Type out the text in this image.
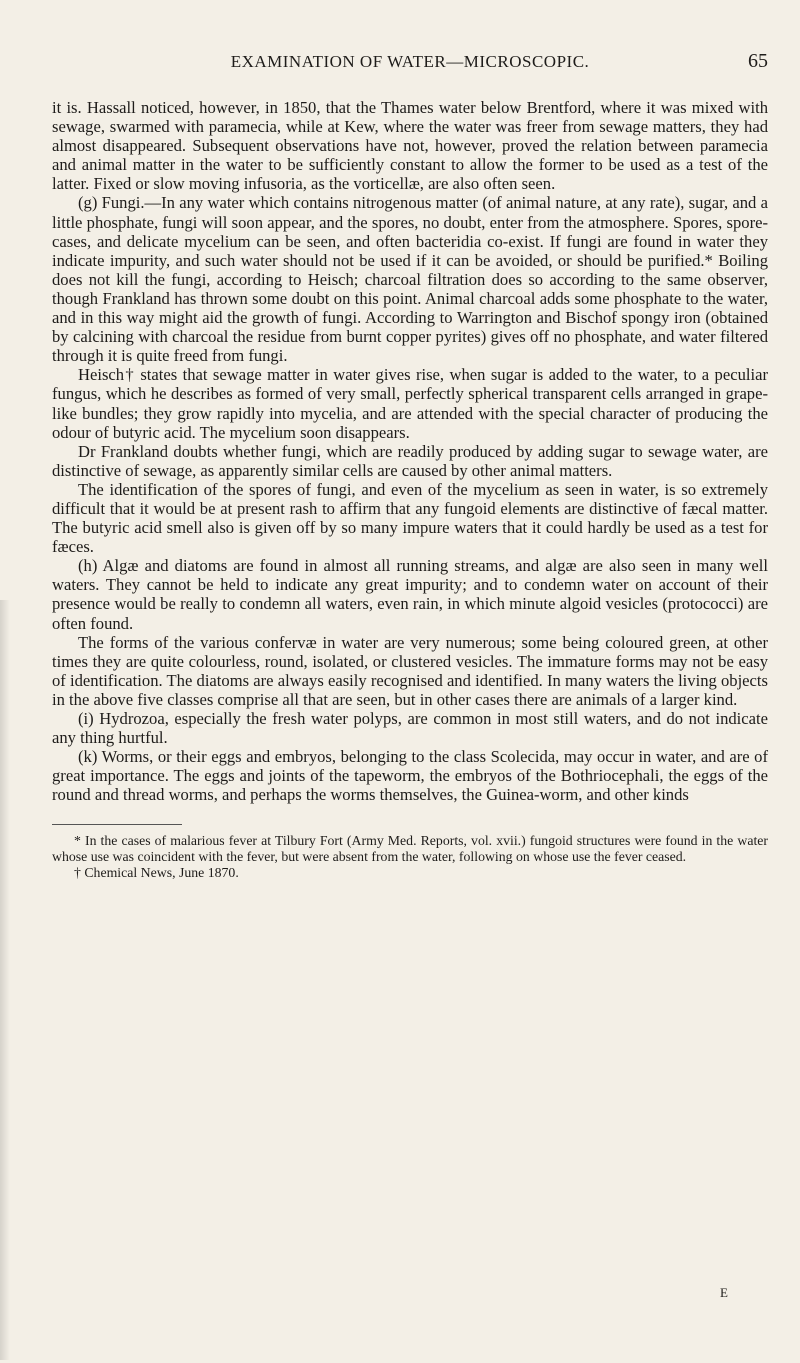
EXAMINATION OF WATER—MICROSCOPIC.	65

it is. Hassall noticed, however, in 1850, that the Thames water below Brentford, where it was mixed with sewage, swarmed with paramecia, while at Kew, where the water was freer from sewage matters, they had almost disappeared. Subsequent observations have not, however, proved the relation between paramecia and animal matter in the water to be sufficiently constant to allow the former to be used as a test of the latter. Fixed or slow moving infusoria, as the vorticellæ, are also often seen.

(g) Fungi.—In any water which contains nitrogenous matter (of animal nature, at any rate), sugar, and a little phosphate, fungi will soon appear, and the spores, no doubt, enter from the atmosphere. Spores, spore-cases, and delicate mycelium can be seen, and often bacteridia co-exist. If fungi are found in water they indicate impurity, and such water should not be used if it can be avoided, or should be purified.* Boiling does not kill the fungi, according to Heisch; charcoal filtration does so according to the same observer, though Frankland has thrown some doubt on this point. Animal charcoal adds some phosphate to the water, and in this way might aid the growth of fungi. According to Warrington and Bischof spongy iron (obtained by calcining with charcoal the residue from burnt copper pyrites) gives off no phosphate, and water filtered through it is quite freed from fungi.

Heisch† states that sewage matter in water gives rise, when sugar is added to the water, to a peculiar fungus, which he describes as formed of very small, perfectly spherical transparent cells arranged in grape-like bundles; they grow rapidly into mycelia, and are attended with the special character of producing the odour of butyric acid. The mycelium soon disappears.

Dr Frankland doubts whether fungi, which are readily produced by adding sugar to sewage water, are distinctive of sewage, as apparently similar cells are caused by other animal matters.

The identification of the spores of fungi, and even of the mycelium as seen in water, is so extremely difficult that it would be at present rash to affirm that any fungoid elements are distinctive of fæcal matter. The butyric acid smell also is given off by so many impure waters that it could hardly be used as a test for fæces.

(h) Algæ and diatoms are found in almost all running streams, and algæ are also seen in many well waters. They cannot be held to indicate any great impurity; and to condemn water on account of their presence would be really to condemn all waters, even rain, in which minute algoid vesicles (protococci) are often found.

The forms of the various confervæ in water are very numerous; some being coloured green, at other times they are quite colourless, round, isolated, or clustered vesicles. The immature forms may not be easy of identification. The diatoms are always easily recognised and identified. In many waters the living objects in the above five classes comprise all that are seen, but in other cases there are animals of a larger kind.

(i) Hydrozoa, especially the fresh water polyps, are common in most still waters, and do not indicate any thing hurtful.

(k) Worms, or their eggs and embryos, belonging to the class Scolecida, may occur in water, and are of great importance. The eggs and joints of the tapeworm, the embryos of the Bothriocephali, the eggs of the round and thread worms, and perhaps the worms themselves, the Guinea-worm, and other kinds

* In the cases of malarious fever at Tilbury Fort (Army Med. Reports, vol. xvii.) fungoid structures were found in the water whose use was coincident with the fever, but were absent from the water, following on whose use the fever ceased.

† Chemical News, June 1870.

E
